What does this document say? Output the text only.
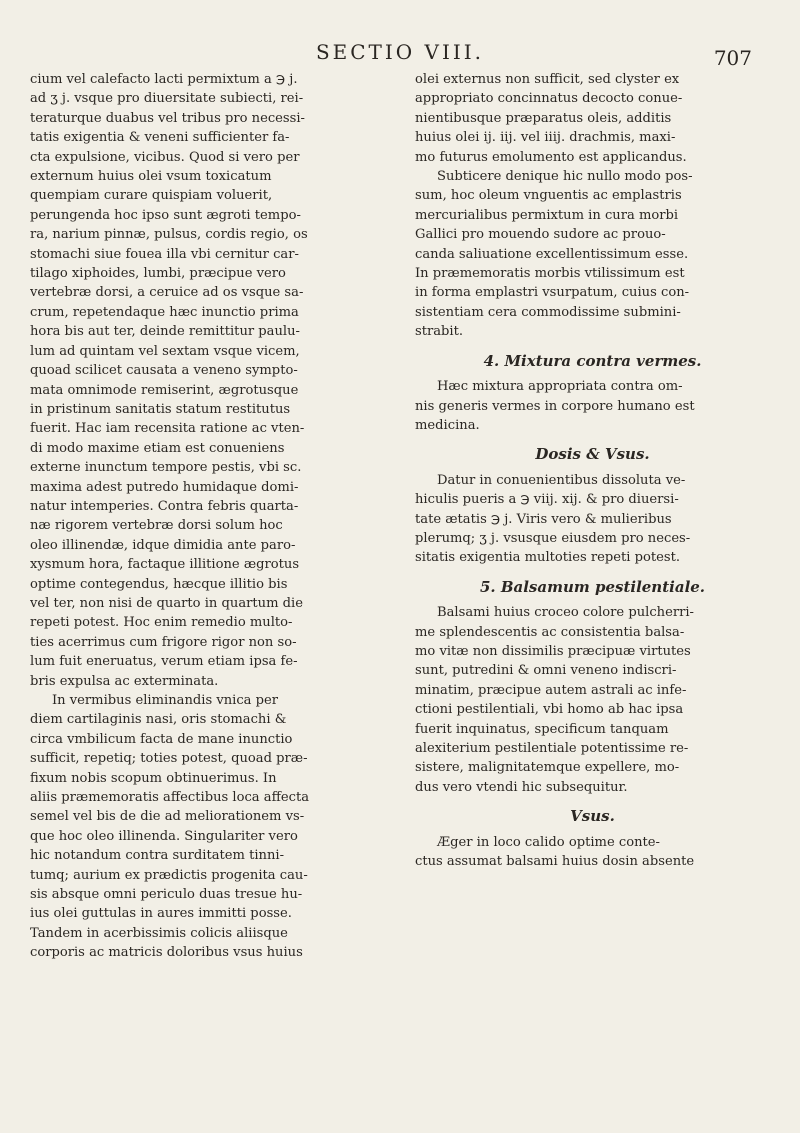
SECTIO VIII.	707
cium vel calefacto lacti permixtum a ℈ j.
ad ʒ j. vsque pro diuersitate subiecti, rei-
teraturque duabus vel tribus pro necessi-
tatis exigentia & veneni sufficienter fa-
cta expulsione, vicibus. Quod si vero per
externum huius olei vsum toxicatum
quempiam curare quispiam voluerit,
perungenda hoc ipso sunt ægroti tempo-
ra, narium pinnæ, pulsus, cordis regio, os
stomachi siue fouea illa vbi cernitur car-
tilago xiphoides, lumbi, præcipue vero
vertebræ dorsi, a ceruice ad os vsque sa-
crum, repetendaque hæc inunctio prima
hora bis aut ter, deinde remittitur paulu-
lum ad quintam vel sextam vsque vicem,
quoad scilicet causata a veneno sympto-
mata omnimode remiserint, ægrotusque
in pristinum sanitatis statum restitutus
fuerit. Hac iam recensita ratione ac vten-
di modo maxime etiam est conueniens
externe inunctum tempore pestis, vbi sc.
maxima adest putredo humidaque domi-
natur intemperies. Contra febris quarta-
næ rigorem vertebræ dorsi solum hoc
oleo illinendæ, idque dimidia ante paro-
xysmum hora, factaque illitione ægrotus
optime contegendus, hæcque illitio bis
vel ter, non nisi de quarto in quartum die
repeti potest. Hoc enim remedio multo-
ties acerrimus cum frigore rigor non so-
lum fuit eneruatus, verum etiam ipsa fe-
bris expulsa ac exterminata.
In vermibus eliminandis vnica per
diem cartilaginis nasi, oris stomachi &
circa vmbilicum facta de mane inunctio
sufficit, repetiq; toties potest, quoad præ-
fixum nobis scopum obtinuerimus. In
aliis præmemoratis affectibus loca affecta
semel vel bis de die ad meliorationem vs-
que hoc oleo illinenda. Singulariter vero
hic notandum contra surditatem tinni-
tumq; aurium ex prædictis progenita cau-
sis absque omni periculo duas tresue hu-
ius olei guttulas in aures immitti posse.
Tandem in acerbissimis colicis aliisque
corporis ac matricis doloribus vsus huius
olei externus non sufficit, sed clyster ex
appropriato concinnatus decocto conue-
nientibusque præparatus oleis, additis
huius olei ij. iij. vel iiij. drachmis, maxi-
mo futurus emolumento est applicandus.
Subticere denique hic nullo modo pos-
sum, hoc oleum vnguentis ac emplastris
mercurialibus permixtum in cura morbi
Gallici pro mouendo sudore ac prouo-
canda saliuatione excellentissimum esse.
In præmemoratis morbis vtilissimum est
in forma emplastri vsurpatum, cuius con-
sistentiam cera commodissime submini-
strabit.
4. Mixtura contra vermes.
Hæc mixtura appropriata contra om-
nis generis vermes in corpore humano est
medicina.
Dosis & Vsus.
Datur in conuenientibus dissoluta ve-
hiculis pueris a ℈ viij. xij. & pro diuersi-
tate ætatis ℈ j. Viris vero & mulieribus
plerumq; ʒ j. vsusque eiusdem pro neces-
sitatis exigentia multoties repeti potest.
5. Balsamum pestilentiale.
Balsami huius croceo colore pulcherri-
me splendescentis ac consistentia balsa-
mo vitæ non dissimilis præcipuæ virtutes
sunt, putredini & omni veneno indiscri-
minatim, præcipue autem astrali ac infe-
ctioni pestilentiali, vbi homo ab hac ipsa
fuerit inquinatus, specificum tanquam
alexiterium pestilentiale potentissime re-
sistere, malignitatemque expellere, mo-
dus vero vtendi hic subsequitur.
Vsus.
Æger in loco calido optime conte-
ctus assumat balsami huius dosin absente
